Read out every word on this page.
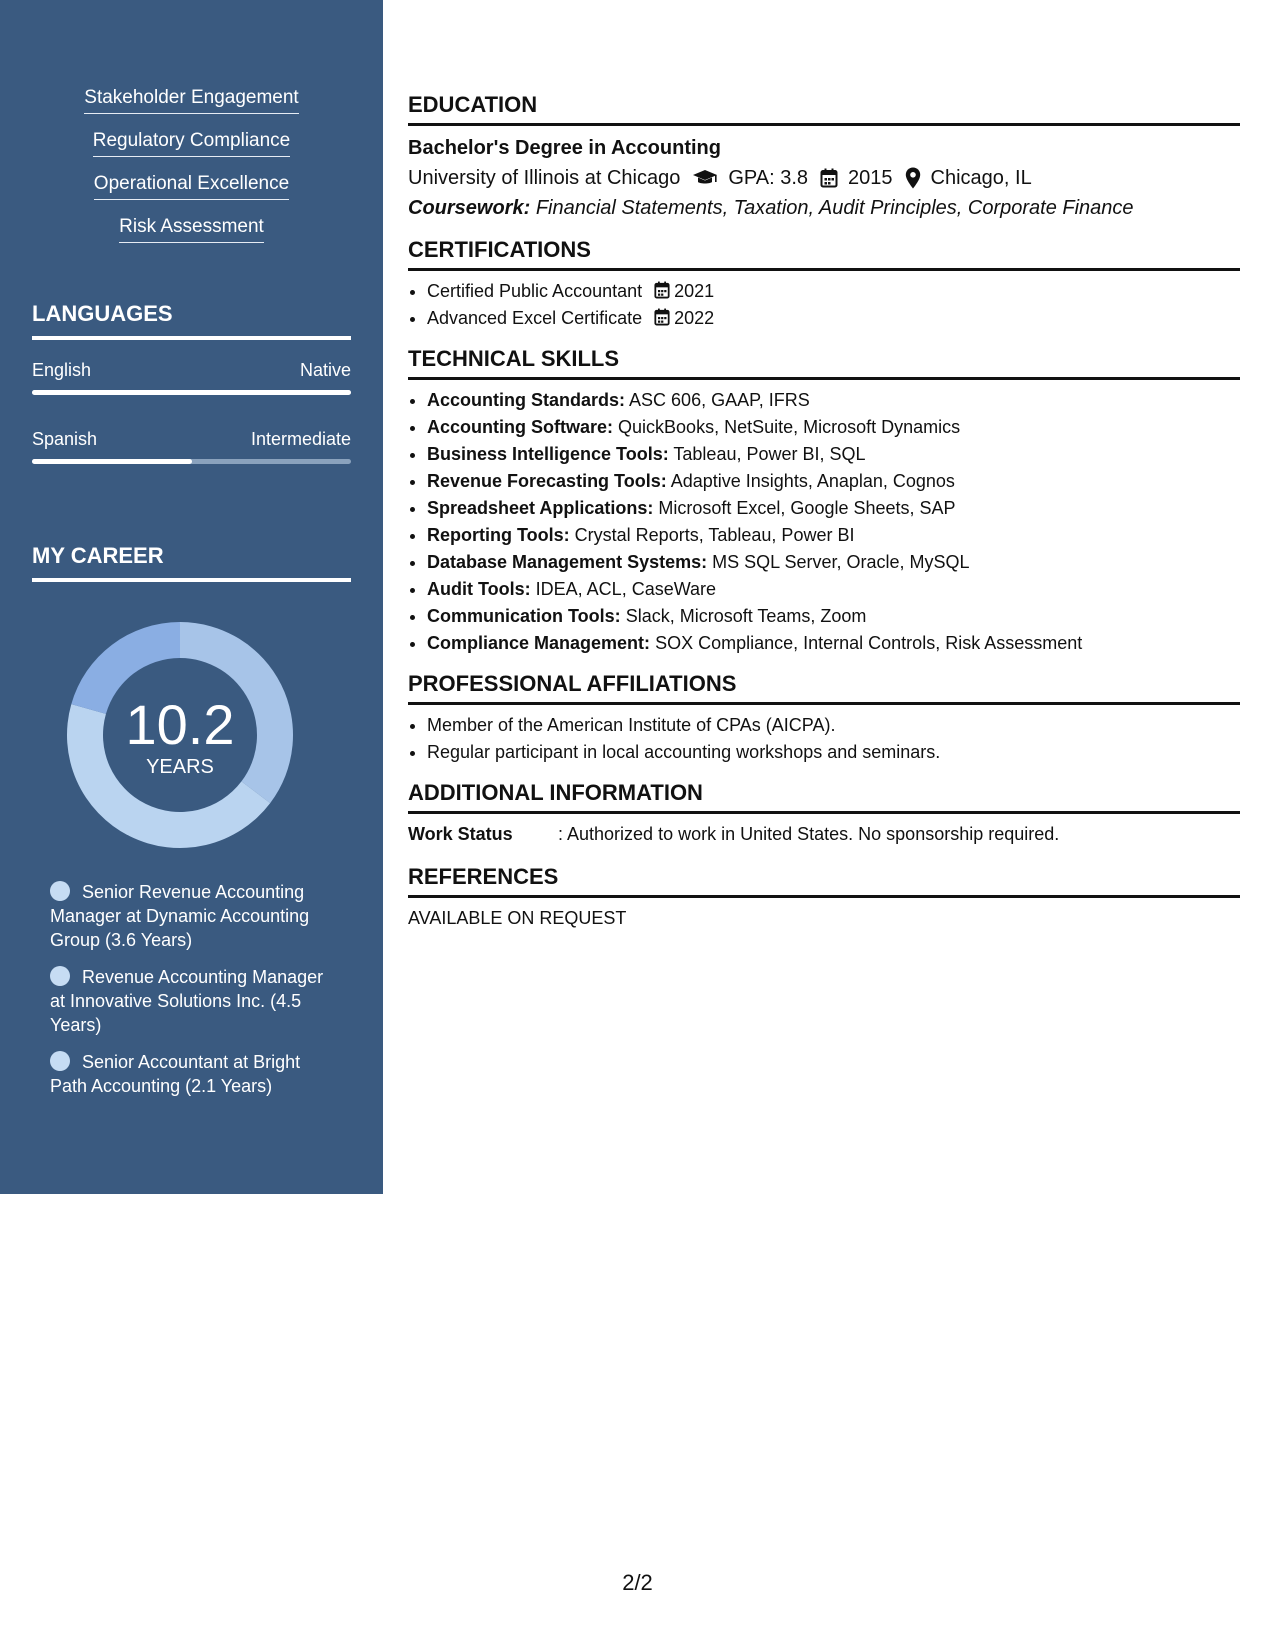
Stakeholder Engagement
Regulatory Compliance
Operational Excellence
Risk Assessment
LANGUAGES
English	Native
Spanish	Intermediate
MY CAREER
10.2
YEARS
Senior Revenue Accounting Manager at Dynamic Accounting Group (3.6 Years)
Revenue Accounting Manager at Innovative Solutions Inc. (4.5 Years)
Senior Accountant at Bright Path Accounting (2.1 Years)
EDUCATION
Bachelor's Degree in Accounting
University of Illinois at Chicago GPA: 3.8 2015 Chicago, IL
Coursework: Financial Statements, Taxation, Audit Principles, Corporate Finance
CERTIFICATIONS
• Certified Public Accountant 2021
• Advanced Excel Certificate 2022
TECHNICAL SKILLS
• Accounting Standards: ASC 606, GAAP, IFRS
• Accounting Software: QuickBooks, NetSuite, Microsoft Dynamics
• Business Intelligence Tools: Tableau, Power BI, SQL
• Revenue Forecasting Tools: Adaptive Insights, Anaplan, Cognos
• Spreadsheet Applications: Microsoft Excel, Google Sheets, SAP
• Reporting Tools: Crystal Reports, Tableau, Power BI
• Database Management Systems: MS SQL Server, Oracle, MySQL
• Audit Tools: IDEA, ACL, CaseWare
• Communication Tools: Slack, Microsoft Teams, Zoom
• Compliance Management: SOX Compliance, Internal Controls, Risk Assessment
PROFESSIONAL AFFILIATIONS
• Member of the American Institute of CPAs (AICPA).
• Regular participant in local accounting workshops and seminars.
ADDITIONAL INFORMATION
Work Status	: Authorized to work in United States. No sponsorship required.
REFERENCES
AVAILABLE ON REQUEST
2/2
